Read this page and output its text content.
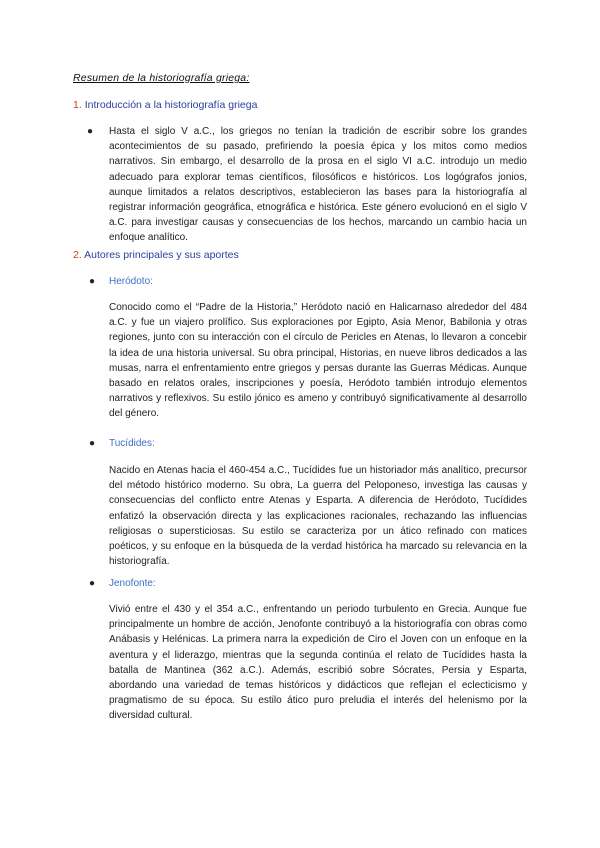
Resumen de la historiografía griega:
1. Introducción a la historiografía griega
●	Hasta el siglo V a.C., los griegos no tenían la tradición de escribir sobre los grandes acontecimientos de su pasado, prefiriendo la poesía épica y los mitos como medios narrativos. Sin embargo, el desarrollo de la prosa en el siglo VI a.C. introdujo un medio adecuado para explorar temas científicos, filosóficos e históricos. Los logógrafos jonios, aunque limitados a relatos descriptivos, establecieron las bases para la historiografía al registrar información geográfica, etnográfica e histórica. Este género evolucionó en el siglo V a.C. para investigar causas y consecuencias de los hechos, marcando un cambio hacia un enfoque analítico.
2. Autores principales y sus aportes
● Heródoto:
Conocido como el “Padre de la Historia,” Heródoto nació en Halicarnaso alrededor del 484 a.C. y fue un viajero prolífico. Sus exploraciones por Egipto, Asia Menor, Babilonia y otras regiones, junto con su interacción con el círculo de Pericles en Atenas, lo llevaron a concebir la idea de una historia universal. Su obra principal, Historias, en nueve libros dedicados a las musas, narra el enfrentamiento entre griegos y persas durante las Guerras Médicas. Aunque basado en relatos orales, inscripciones y poesía, Heródoto también introdujo elementos narrativos y reflexivos. Su estilo jónico es ameno y contribuyó significativamente al desarrollo del género.
● Tucídides:
Nacido en Atenas hacia el 460-454 a.C., Tucídides fue un historiador más analítico, precursor del método histórico moderno. Su obra, La guerra del Peloponeso, investiga las causas y consecuencias del conflicto entre Atenas y Esparta. A diferencia de Heródoto, Tucídides enfatizó la observación directa y las explicaciones racionales, rechazando las influencias religiosas o supersticiosas. Su estilo se caracteriza por un ático refinado con matices poéticos, y su enfoque en la búsqueda de la verdad histórica ha marcado su relevancia en la historiografía.
● Jenofonte:
Vivió entre el 430 y el 354 a.C., enfrentando un periodo turbulento en Grecia. Aunque fue principalmente un hombre de acción, Jenofonte contribuyó a la historiografía con obras como Anábasis y Helénicas. La primera narra la expedición de Ciro el Joven con un enfoque en la aventura y el liderazgo, mientras que la segunda continúa el relato de Tucídides hasta la batalla de Mantinea (362 a.C.). Además, escribió sobre Sócrates, Persia y Esparta, abordando una variedad de temas históricos y didácticos que reflejan el eclecticismo y pragmatismo de su época. Su estilo ático puro preludia el interés del helenismo por la diversidad cultural.
